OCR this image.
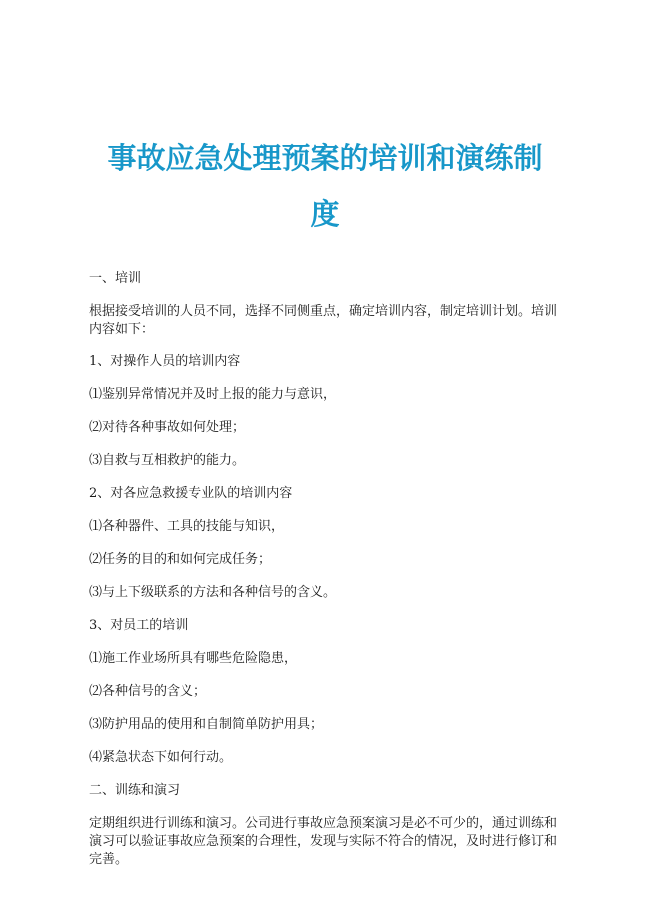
事故应急处理预案的培训和演练制度

一、培训

根据接受培训的人员不同，选择不同侧重点，确定培训内容，制定培训计划。培训内容如下：

1、对操作人员的培训内容

⑴鉴别异常情况并及时上报的能力与意识，

⑵对待各种事故如何处理；

⑶自救与互相救护的能力。

2、对各应急救援专业队的培训内容

⑴各种器件、工具的技能与知识，

⑵任务的目的和如何完成任务；

⑶与上下级联系的方法和各种信号的含义。

3、对员工的培训

⑴施工作业场所具有哪些危险隐患，

⑵各种信号的含义；

⑶防护用品的使用和自制简单防护用具；

⑷紧急状态下如何行动。

二、训练和演习

定期组织进行训练和演习。公司进行事故应急预案演习是必不可少的，通过训练和演习可以验证事故应急预案的合理性，发现与实际不符合的情况，及时进行修订和完善。
